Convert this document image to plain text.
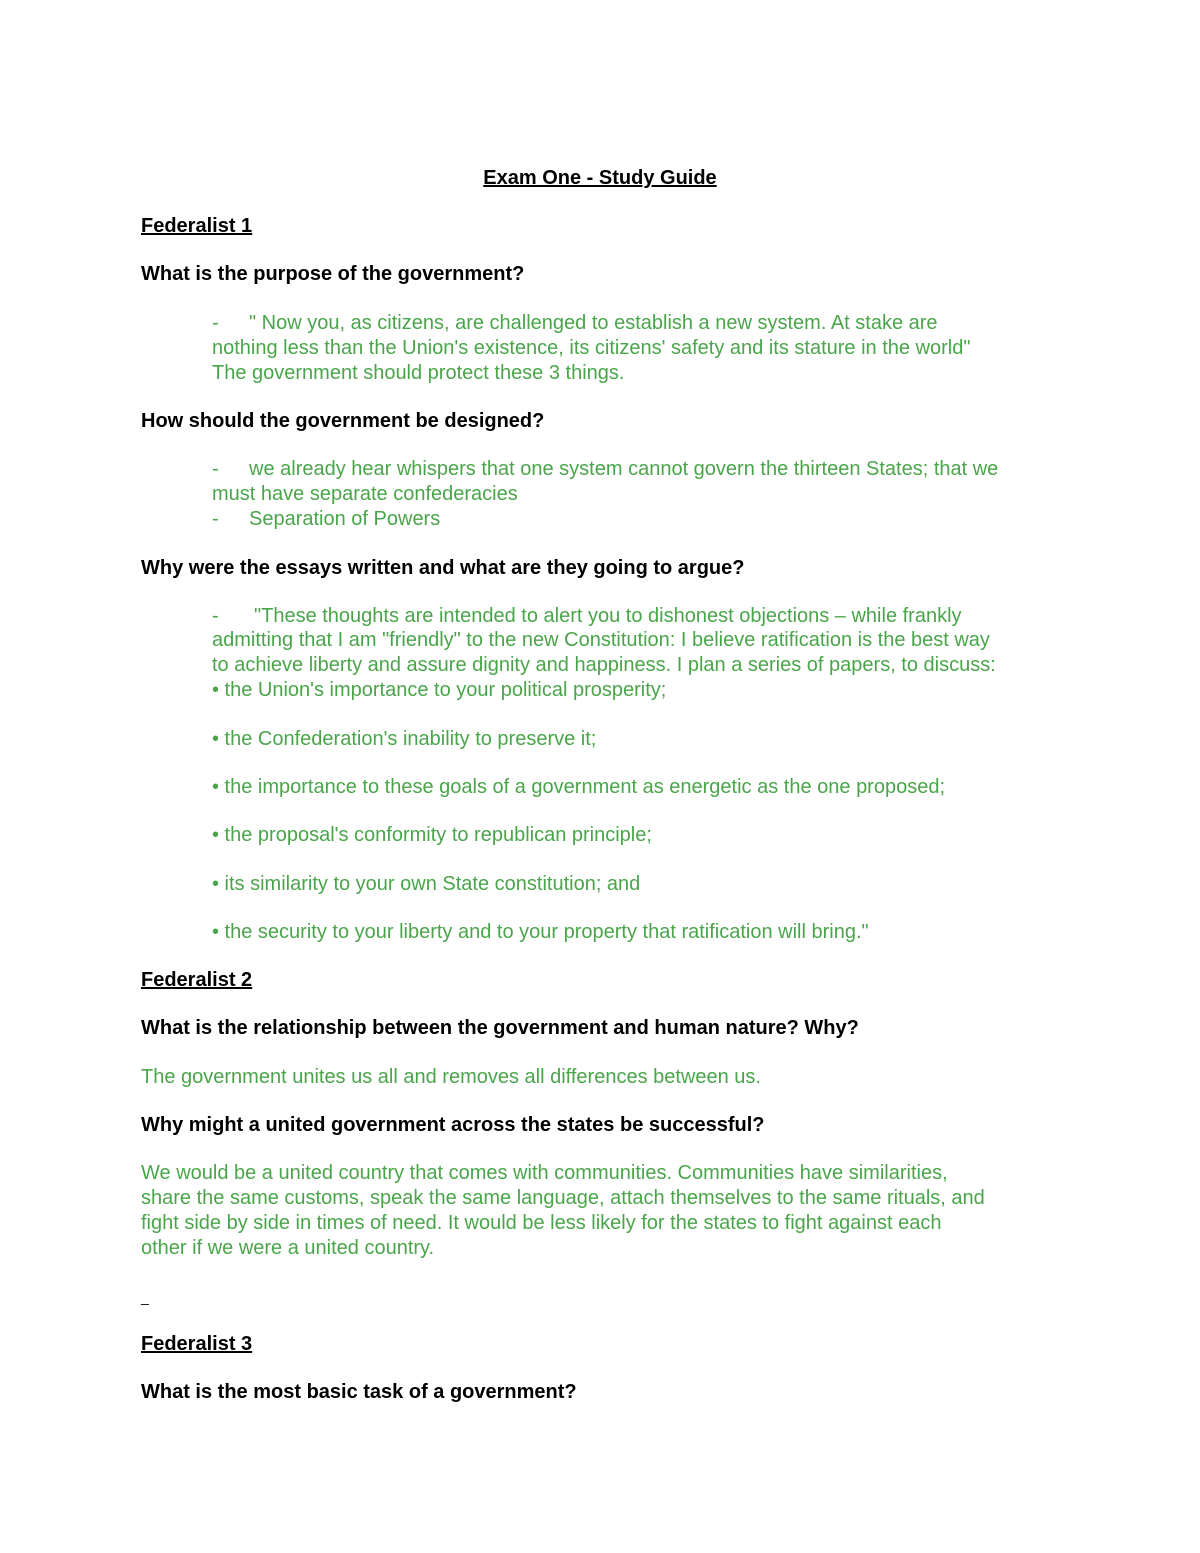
Exam One - Study Guide
Federalist 1
What is the purpose of the government?
- " Now you, as citizens, are challenged to establish a new system. At stake are
nothing less than the Union's existence, its citizens' safety and its stature in the world"
The government should protect these 3 things.
How should the government be designed?
- we already hear whispers that one system cannot govern the thirteen States; that we
must have separate confederacies
- Separation of Powers
Why were the essays written and what are they going to argue?
- "These thoughts are intended to alert you to dishonest objections – while frankly
admitting that I am "friendly" to the new Constitution: I believe ratification is the best way
to achieve liberty and assure dignity and happiness. I plan a series of papers, to discuss:
• the Union's importance to your political prosperity;
• the Confederation's inability to preserve it;
• the importance to these goals of a government as energetic as the one proposed;
• the proposal's conformity to republican principle;
• its similarity to your own State constitution; and
• the security to your liberty and to your property that ratification will bring."
Federalist 2
What is the relationship between the government and human nature? Why?
The government unites us all and removes all differences between us.
Why might a united government across the states be successful?
We would be a united country that comes with communities. Communities have similarities,
share the same customs, speak the same language, attach themselves to the same rituals, and
fight side by side in times of need. It would be less likely for the states to fight against each
other if we were a united country.
_
Federalist 3
What is the most basic task of a government?
